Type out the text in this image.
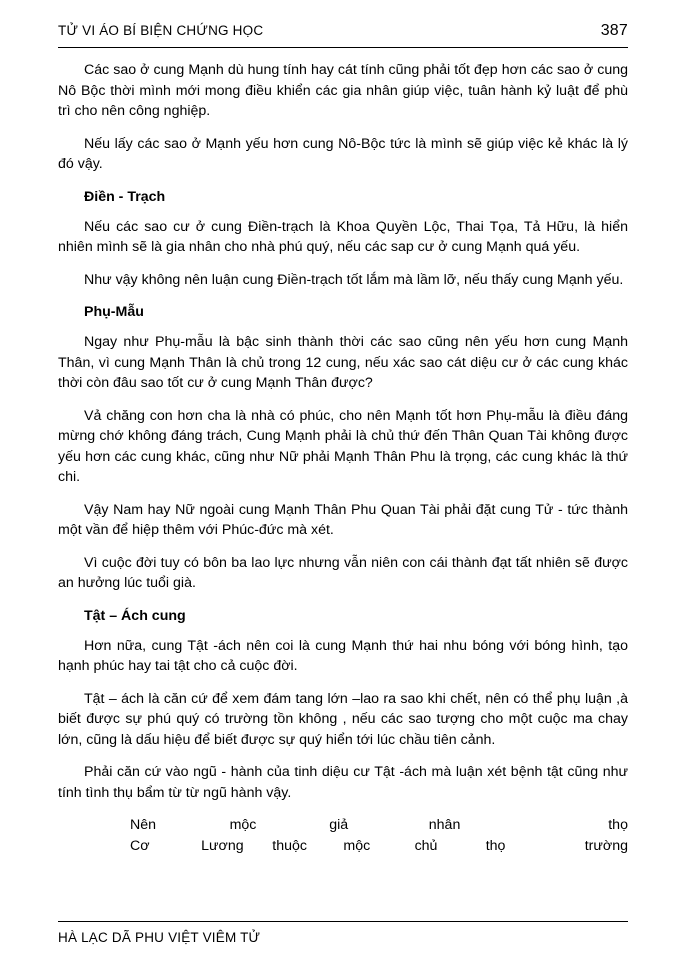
TỬ VI ÁO BÍ BIỆN CHỨNG HỌC	387

Các sao ở cung Mạnh dù hung tính hay cát tính cũng phải tốt đẹp hơn các sao ở cung Nô Bộc thời mình mới mong điều khiển các gia nhân giúp việc, tuân hành kỷ luật để phù trì cho nên công nghiệp.

Nếu lấy các sao ở Mạnh yếu hơn cung Nô-Bộc tức là mình sẽ giúp việc kẻ khác là lý đó vậy.

Điền - Trạch

Nếu các sao cư ở cung Điền-trạch là Khoa Quyền Lộc, Thai Tọa, Tả Hữu, là hiển nhiên mình sẽ là gia nhân cho nhà phú quý, nếu các sap cư ở cung Mạnh quá yếu.

Như vậy không nên luận cung Điền-trạch tốt lắm mà lầm lỡ, nếu thấy cung Mạnh yếu.

Phụ-Mẫu

Ngay như Phụ-mẫu là bậc sinh thành thời các sao cũng nên yếu hơn cung Mạnh Thân, vì cung Mạnh Thân là chủ trong 12 cung, nếu xác sao cát diệu cư ở các cung khác thời còn đâu sao tốt cư ở cung Mạnh Thân được?

Vả chăng con hơn cha là nhà có phúc, cho nên Mạnh tốt hơn Phụ-mẫu là điều đáng mừng chớ không đáng trách, Cung Mạnh phải là chủ thứ đến Thân Quan Tài không được yếu hơn các cung khác, cũng như Nữ phải Mạnh Thân Phu là trọng, các cung khác là thứ chi.

Vậy Nam hay Nữ ngoài cung Mạnh Thân Phu Quan Tài phải đặt cung Tử - tức thành một vần để hiệp thêm với Phúc-đức mà xét.

Vì cuộc đời tuy có bôn ba lao lực nhưng vẫn niên con cái thành đạt tất nhiên sẽ được an hưởng lúc tuổi già.

Tật – Ách cung

Hơn nữa, cung Tật -ách nên coi là cung Mạnh thứ hai nhu bóng với bóng hình, tạo hạnh phúc hay tai tật cho cả cuộc đời.

Tật – ách là căn cứ để xem đám tang lớn –lao ra sao khi chết, nên có thể phụ luận ,à biết được sự phú quý có trường tồn không , nếu các sao tượng cho một cuộc ma chay lớn, cũng là dấu hiệu để biết được sự quý hiển tới lúc chầu tiên cảnh.

Phải căn cứ vào ngũ - hành của tinh diệu cư Tật -ách mà luận xét bệnh tật cũng như tính tình thụ bẩm từ từ ngũ hành vậy.

Nên	mộc	giả	nhân	thọ
Cơ	Lương	thuộc	mộc	chủ	thọ	trường
HÀ LẠC DÃ PHU VIỆT VIÊM TỬ
